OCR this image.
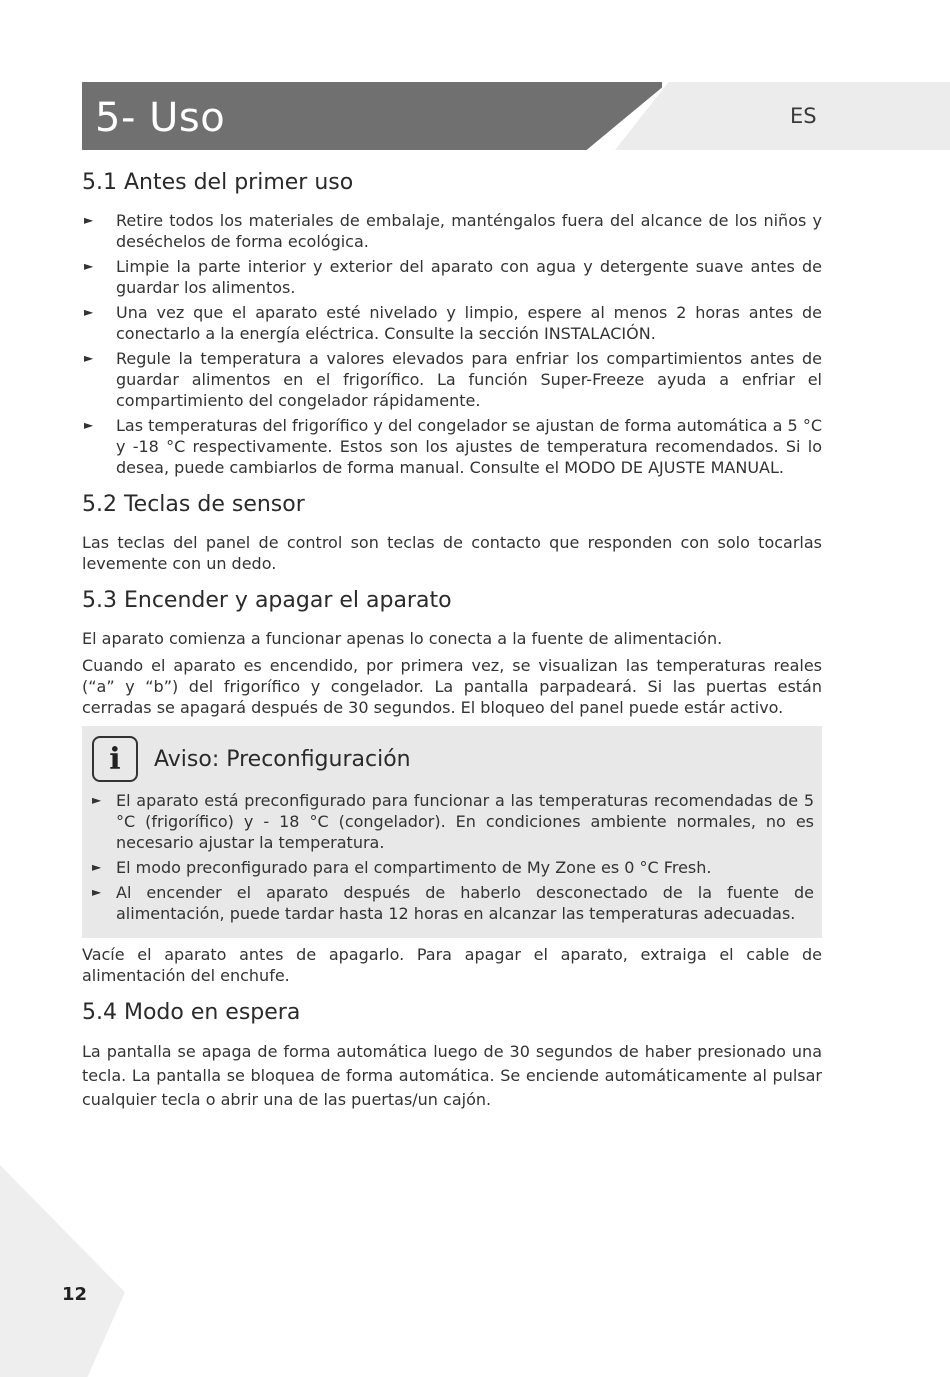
5- Uso	ES
5.1 Antes del primer uso
► Retire todos los materiales de embalaje, manténgalos fuera del alcance de los niños y deséchelos de forma ecológica.
► Limpie la parte interior y exterior del aparato con agua y detergente suave antes de guardar los alimentos.
► Una vez que el aparato esté nivelado y limpio, espere al menos 2 horas antes de conectarlo a la energía eléctrica. Consulte la sección INSTALACIÓN.
► Regule la temperatura a valores elevados para enfriar los compartimientos antes de guardar alimentos en el frigorífico. La función Super-Freeze ayuda a enfriar el compartimiento del congelador rápidamente.
► Las temperaturas del frigorífico y del congelador se ajustan de forma automática a 5 °C y -18 °C respectivamente. Estos son los ajustes de temperatura recomendados. Si lo desea, puede cambiarlos de forma manual. Consulte el MODO DE AJUSTE MANUAL.
5.2 Teclas de sensor

Las teclas del panel de control son teclas de contacto que responden con solo tocarlas levemente con un dedo.

5.3 Encender y apagar el aparato

El aparato comienza a funcionar apenas lo conecta a la fuente de alimentación.

Cuando el aparato es encendido, por primera vez, se visualizan las temperaturas reales (“a” y “b”) del frigorífico y congelador. La pantalla parpadeará. Si las puertas están cerradas se apagará después de 30 segundos. El bloqueo del panel puede estár activo.

i	Aviso: Preconfiguración
► El aparato está preconfigurado para funcionar a las temperaturas recomendadas de 5 °C (frigorífico) y - 18 °C (congelador). En condiciones ambiente normales, no es necesario ajustar la temperatura.
► El modo preconfigurado para el compartimento de My Zone es 0 °C Fresh.
► Al encender el aparato después de haberlo desconectado de la fuente de alimentación, puede tardar hasta 12 horas en alcanzar las temperaturas adecuadas.

Vacíe el aparato antes de apagarlo. Para apagar el aparato, extraiga el cable de alimentación del enchufe.

5.4 Modo en espera

La pantalla se apaga de forma automática luego de 30 segundos de haber presionado una tecla. La pantalla se bloquea de forma automática. Se enciende automáticamente al pulsar cualquier tecla o abrir una de las puertas/un cajón.

12
